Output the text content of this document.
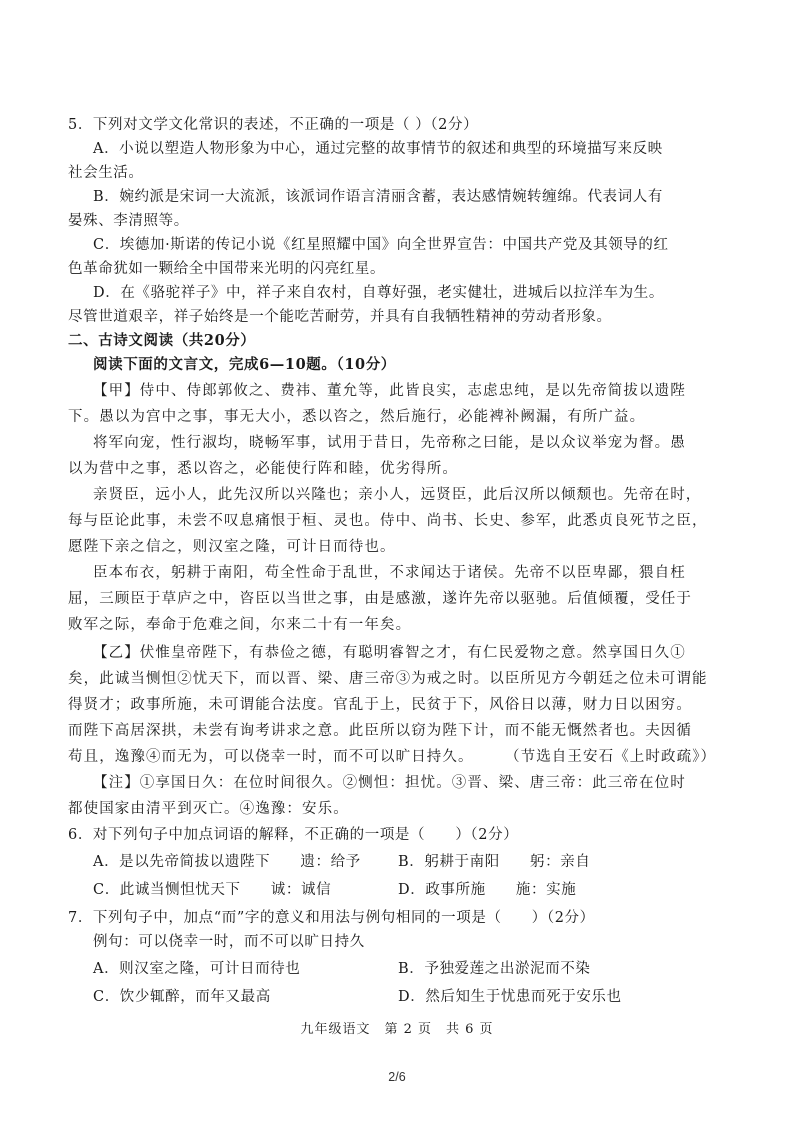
5．下列对文学文化常识的表述，不正确的一项是（ ）（2分）
A．小说以塑造人物形象为中心，通过完整的故事情节的叙述和典型的环境描写来反映
社会生活。
B．婉约派是宋词一大流派，该派词作语言清丽含蓄，表达感情婉转缠绵。代表词人有
晏殊、李清照等。
C．埃德加·斯诺的传记小说《红星照耀中国》向全世界宣告：中国共产党及其领导的红
色革命犹如一颗给全中国带来光明的闪亮红星。
D．在《骆驼祥子》中，祥子来自农村，自尊好强，老实健壮，进城后以拉洋车为生。
尽管世道艰辛，祥子始终是一个能吃苦耐劳，并具有自我牺牲精神的劳动者形象。
二、古诗文阅读（共20分）
阅读下面的文言文，完成6—10题。（10分）
【甲】侍中、侍郎郭攸之、费祎、董允等，此皆良实，志虑忠纯，是以先帝简拔以遗陛
下。愚以为宫中之事，事无大小，悉以咨之，然后施行，必能裨补阙漏，有所广益。
将军向宠，性行淑均，晓畅军事，试用于昔日，先帝称之曰能，是以众议举宠为督。愚
以为营中之事，悉以咨之，必能使行阵和睦，优劣得所。
亲贤臣，远小人，此先汉所以兴隆也；亲小人，远贤臣，此后汉所以倾颓也。先帝在时，
每与臣论此事，未尝不叹息痛恨于桓、灵也。侍中、尚书、长史、参军，此悉贞良死节之臣，
愿陛下亲之信之，则汉室之隆，可计日而待也。
臣本布衣，躬耕于南阳，苟全性命于乱世，不求闻达于诸侯。先帝不以臣卑鄙，猥自枉
屈，三顾臣于草庐之中，咨臣以当世之事，由是感激，遂许先帝以驱驰。后值倾覆，受任于
败军之际，奉命于危难之间，尔来二十有一年矣。
【乙】伏惟皇帝陛下，有恭俭之德，有聪明睿智之才，有仁民爱物之意。然享国日久①
矣，此诚当恻怛②忧天下，而以晋、梁、唐三帝③为戒之时。以臣所见方今朝廷之位未可谓能
得贤才；政事所施，未可谓能合法度。官乱于上，民贫于下，风俗日以薄，财力日以困穷。
而陛下高居深拱，未尝有询考讲求之意。此臣所以窃为陛下计，而不能无慨然者也。夫因循
苟且，逸豫④而无为，可以侥幸一时，而不可以旷日持久。 （节选自王安石《上时政疏》）
【注】①享国日久：在位时间很久。②恻怛：担忧。③晋、梁、唐三帝：此三帝在位时
都使国家由清平到灭亡。④逸豫：安乐。
6．对下列句子中加点词语的解释，不正确的一项是（　　）（2分）
A．是以先帝简拔以遗陛下　　遗：给予	B．躬耕于南阳　　躬：亲自
C．此诚当恻怛忧天下　　诚：诚信	D．政事所施　　施：实施
7．下列句子中，加点“而”字的意义和用法与例句相同的一项是（　　）（2分）
例句：可以侥幸一时，而不可以旷日持久
A．则汉室之隆，可计日而待也	B．予独爱莲之出淤泥而不染
C．饮少辄醉，而年又最高	D．然后知生于忧患而死于安乐也
九年级语文　第 2 页　共 6 页
2/6
